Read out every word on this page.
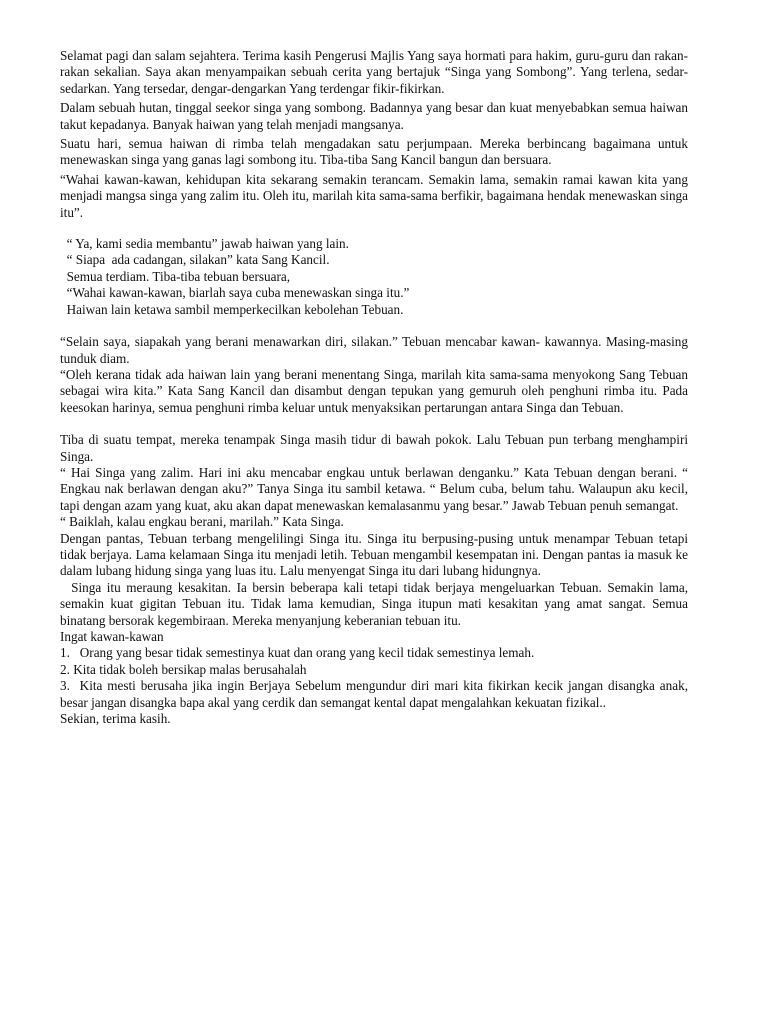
Selamat pagi dan salam sejahtera. Terima kasih Pengerusi Majlis Yang saya hormati para hakim, guru-guru dan rakan-rakan sekalian. Saya akan menyampaikan sebuah cerita yang bertajuk “Singa yang Sombong”. Yang terlena, sedar-sedarkan. Yang tersedar, dengar-dengarkan Yang terdengar fikir-fikirkan.

Dalam sebuah hutan, tinggal seekor singa yang sombong. Badannya yang besar dan kuat menyebabkan semua haiwan takut kepadanya. Banyak haiwan yang telah menjadi mangsanya.

Suatu hari, semua haiwan di rimba telah mengadakan satu perjumpaan. Mereka berbincang bagaimana untuk menewaskan singa yang ganas lagi sombong itu. Tiba-tiba Sang Kancil bangun dan bersuara.

“Wahai kawan-kawan, kehidupan kita sekarang semakin terancam. Semakin lama, semakin ramai kawan kita yang menjadi mangsa singa yang zalim itu. Oleh itu, marilah kita sama-sama berfikir, bagaimana hendak menewaskan singa itu”.

“ Ya, kami sedia membantu” jawab haiwan yang lain.

“ Siapa  ada cadangan, silakan” kata Sang Kancil.

Semua terdiam. Tiba-tiba tebuan bersuara,

“Wahai kawan-kawan, biarlah saya cuba menewaskan singa itu.”

Haiwan lain ketawa sambil memperkecilkan kebolehan Tebuan.

“Selain saya, siapakah yang berani menawarkan diri, silakan.” Tebuan mencabar kawan- kawannya. Masing-masing tunduk diam.

“Oleh kerana tidak ada haiwan lain yang berani menentang Singa, marilah kita sama-sama menyokong Sang Tebuan sebagai wira kita.” Kata Sang Kancil dan disambut dengan tepukan yang gemuruh oleh penghuni rimba itu. Pada keesokan harinya, semua penghuni rimba keluar untuk menyaksikan pertarungan antara Singa dan Tebuan.

Tiba di suatu tempat, mereka tenampak Singa masih tidur di bawah pokok. Lalu Tebuan pun terbang menghampiri Singa.

“ Hai Singa yang zalim. Hari ini aku mencabar engkau untuk berlawan denganku.” Kata Tebuan dengan berani. “ Engkau nak berlawan dengan aku?” Tanya Singa itu sambil ketawa. “ Belum cuba, belum tahu. Walaupun aku kecil, tapi dengan azam yang kuat, aku akan dapat menewaskan kemalasanmu yang besar.” Jawab Tebuan penuh semangat.

“ Baiklah, kalau engkau berani, marilah.” Kata Singa.

Dengan pantas, Tebuan terbang mengelilingi Singa itu. Singa itu berpusing-pusing untuk menampar Tebuan tetapi tidak berjaya. Lama kelamaan Singa itu menjadi letih. Tebuan mengambil kesempatan ini. Dengan pantas ia masuk ke dalam lubang hidung singa yang luas itu. Lalu menyengat Singa itu dari lubang hidungnya.

Singa itu meraung kesakitan. Ia bersin beberapa kali tetapi tidak berjaya mengeluarkan Tebuan. Semakin lama, semakin kuat gigitan Tebuan itu. Tidak lama kemudian, Singa itupun mati kesakitan yang amat sangat. Semua binatang bersorak kegembiraan. Mereka menyanjung keberanian tebuan itu.

Ingat kawan-kawan

1.   Orang yang besar tidak semestinya kuat dan orang yang kecil tidak semestinya lemah.
2. Kita tidak boleh bersikap malas berusahalah
3.  Kita mesti berusaha jika ingin Berjaya Sebelum mengundur diri mari kita fikirkan kecik jangan disangka anak, besar jangan disangka bapa akal yang cerdik dan semangat kental dapat mengalahkan kekuatan fizikal..

Sekian, terima kasih.
